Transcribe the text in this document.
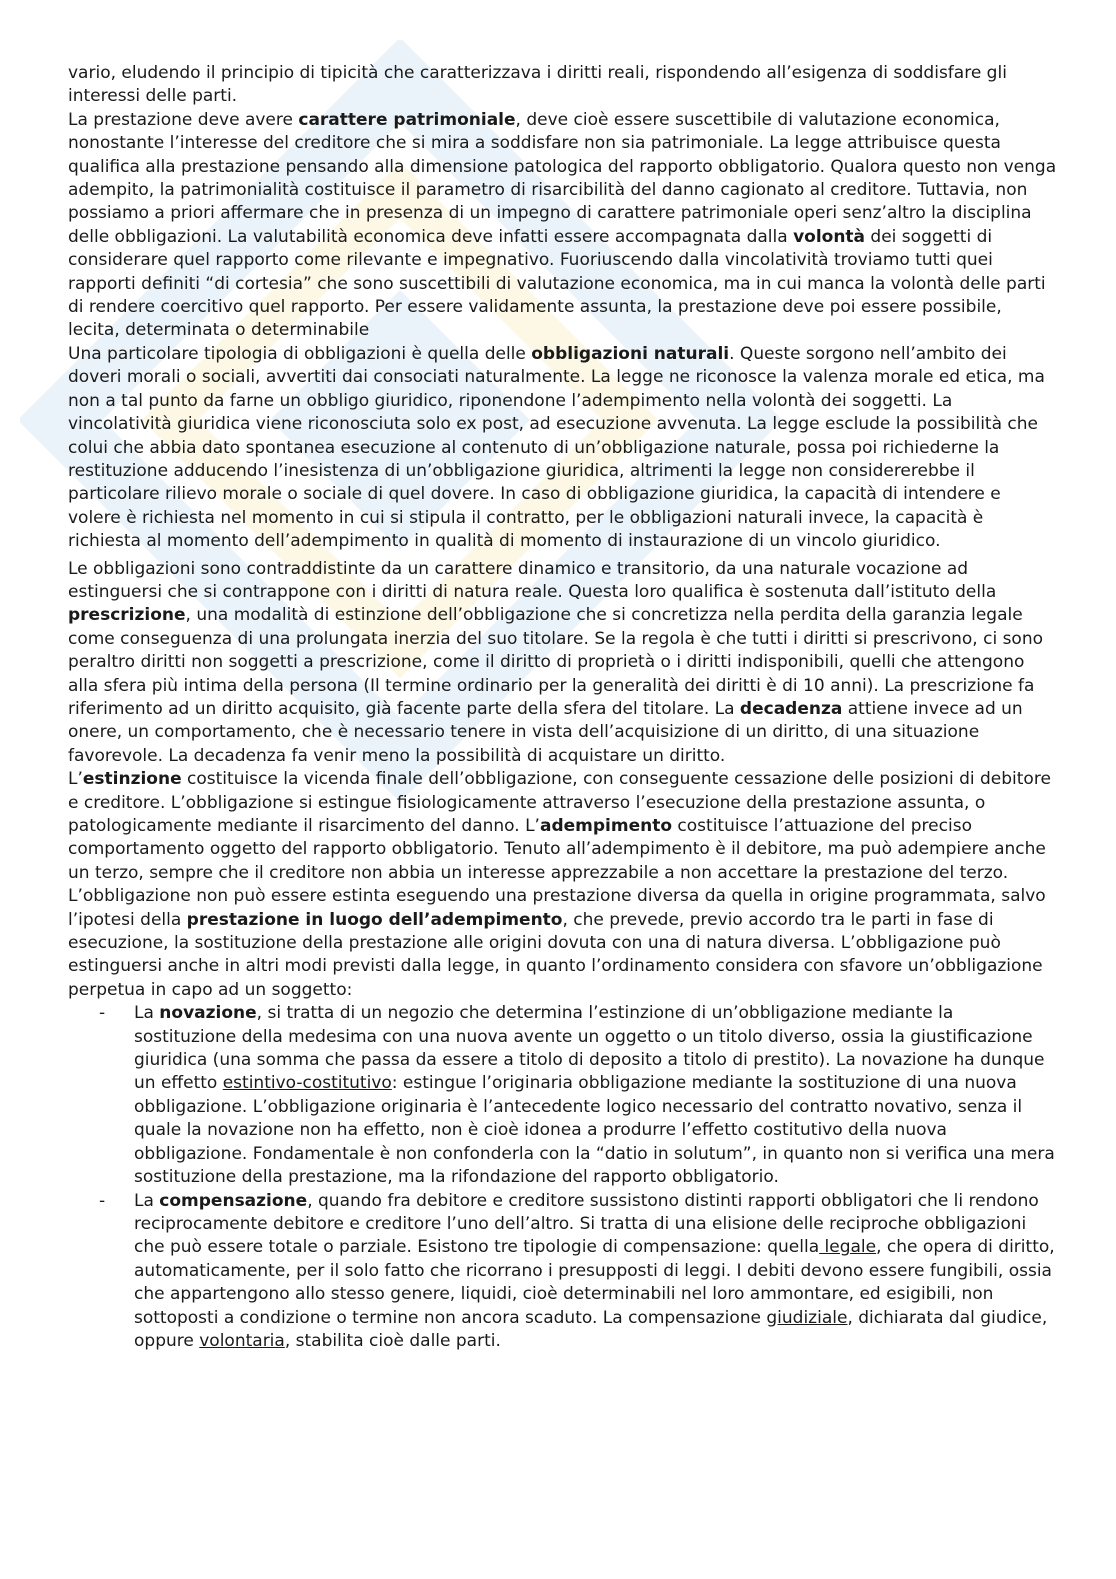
vario, eludendo il principio di tipicità che caratterizzava i diritti reali, rispondendo all’esigenza di soddisfare gli interessi delle parti.

La prestazione deve avere carattere patrimoniale, deve cioè essere suscettibile di valutazione economica, nonostante l’interesse del creditore che si mira a soddisfare non sia patrimoniale. La legge attribuisce questa qualifica alla prestazione pensando alla dimensione patologica del rapporto obbligatorio. Qualora questo non venga adempito, la patrimonialità costituisce il parametro di risarcibilità del danno cagionato al creditore. Tuttavia, non possiamo a priori affermare che in presenza di un impegno di carattere patrimoniale operi senz’altro la disciplina delle obbligazioni. La valutabilità economica deve infatti essere accompagnata dalla volontà dei soggetti di considerare quel rapporto come rilevante e impegnativo. Fuoriuscendo dalla vincolatività troviamo tutti quei rapporti definiti “di cortesia” che sono suscettibili di valutazione economica, ma in cui manca la volontà delle parti di rendere coercitivo quel rapporto. Per essere validamente assunta, la prestazione deve poi essere possibile, lecita, determinata o determinabile

Una particolare tipologia di obbligazioni è quella delle obbligazioni naturali. Queste sorgono nell’ambito dei doveri morali o sociali, avvertiti dai consociati naturalmente. La legge ne riconosce la valenza morale ed etica, ma non a tal punto da farne un obbligo giuridico, riponendone l’adempimento nella volontà dei soggetti. La vincolatività giuridica viene riconosciuta solo ex post, ad esecuzione avvenuta. La legge esclude la possibilità che colui che abbia dato spontanea esecuzione al contenuto di un’obbligazione naturale, possa poi richiederne la restituzione adducendo l’inesistenza di un’obbligazione giuridica, altrimenti la legge non considererebbe il particolare rilievo morale o sociale di quel dovere. In caso di obbligazione giuridica, la capacità di intendere e volere è richiesta nel momento in cui si stipula il contratto, per le obbligazioni naturali invece, la capacità è richiesta al momento dell’adempimento in qualità di momento di instaurazione di un vincolo giuridico.

Le obbligazioni sono contraddistinte da un carattere dinamico e transitorio, da una naturale vocazione ad estinguersi che si contrappone con i diritti di natura reale. Questa loro qualifica è sostenuta dall’istituto della prescrizione, una modalità di estinzione dell’obbligazione che si concretizza nella perdita della garanzia legale come conseguenza di una prolungata inerzia del suo titolare. Se la regola è che tutti i diritti si prescrivono, ci sono peraltro diritti non soggetti a prescrizione, come il diritto di proprietà o i diritti indisponibili, quelli che attengono alla sfera più intima della persona (Il termine ordinario per la generalità dei diritti è di 10 anni). La prescrizione fa riferimento ad un diritto acquisito, già facente parte della sfera del titolare. La decadenza attiene invece ad un onere, un comportamento, che è necessario tenere in vista dell’acquisizione di un diritto, di una situazione favorevole. La decadenza fa venir meno la possibilità di acquistare un diritto.

L’estinzione costituisce la vicenda finale dell’obbligazione, con conseguente cessazione delle posizioni di debitore e creditore. L’obbligazione si estingue fisiologicamente attraverso l’esecuzione della prestazione assunta, o patologicamente mediante il risarcimento del danno. L’adempimento costituisce l’attuazione del preciso comportamento oggetto del rapporto obbligatorio. Tenuto all’adempimento è il debitore, ma può adempiere anche un terzo, sempre che il creditore non abbia un interesse apprezzabile a non accettare la prestazione del terzo. L’obbligazione non può essere estinta eseguendo una prestazione diversa da quella in origine programmata, salvo l’ipotesi della prestazione in luogo dell’adempimento, che prevede, previo accordo tra le parti in fase di esecuzione, la sostituzione della prestazione alle origini dovuta con una di natura diversa. L’obbligazione può estinguersi anche in altri modi previsti dalla legge, in quanto l’ordinamento considera con sfavore un’obbligazione perpetua in capo ad un soggetto:

- La novazione, si tratta di un negozio che determina l’estinzione di un’obbligazione mediante la sostituzione della medesima con una nuova avente un oggetto o un titolo diverso, ossia la giustificazione giuridica (una somma che passa da essere a titolo di deposito a titolo di prestito). La novazione ha dunque un effetto estintivo-costitutivo: estingue l’originaria obbligazione mediante la sostituzione di una nuova obbligazione. L’obbligazione originaria è l’antecedente logico necessario del contratto novativo, senza il quale la novazione non ha effetto, non è cioè idonea a produrre l’effetto costitutivo della nuova obbligazione. Fondamentale è non confonderla con la “datio in solutum”, in quanto non si verifica una mera sostituzione della prestazione, ma la rifondazione del rapporto obbligatorio.
- La compensazione, quando fra debitore e creditore sussistono distinti rapporti obbligatori che li rendono reciprocamente debitore e creditore l’uno dell’altro. Si tratta di una elisione delle reciproche obbligazioni che può essere totale o parziale. Esistono tre tipologie di compensazione: quella legale, che opera di diritto, automaticamente, per il solo fatto che ricorrano i presupposti di leggi. I debiti devono essere fungibili, ossia che appartengono allo stesso genere, liquidi, cioè determinabili nel loro ammontare, ed esigibili, non sottoposti a condizione o termine non ancora scaduto. La compensazione giudiziale, dichiarata dal giudice, oppure volontaria, stabilita cioè dalle parti.
